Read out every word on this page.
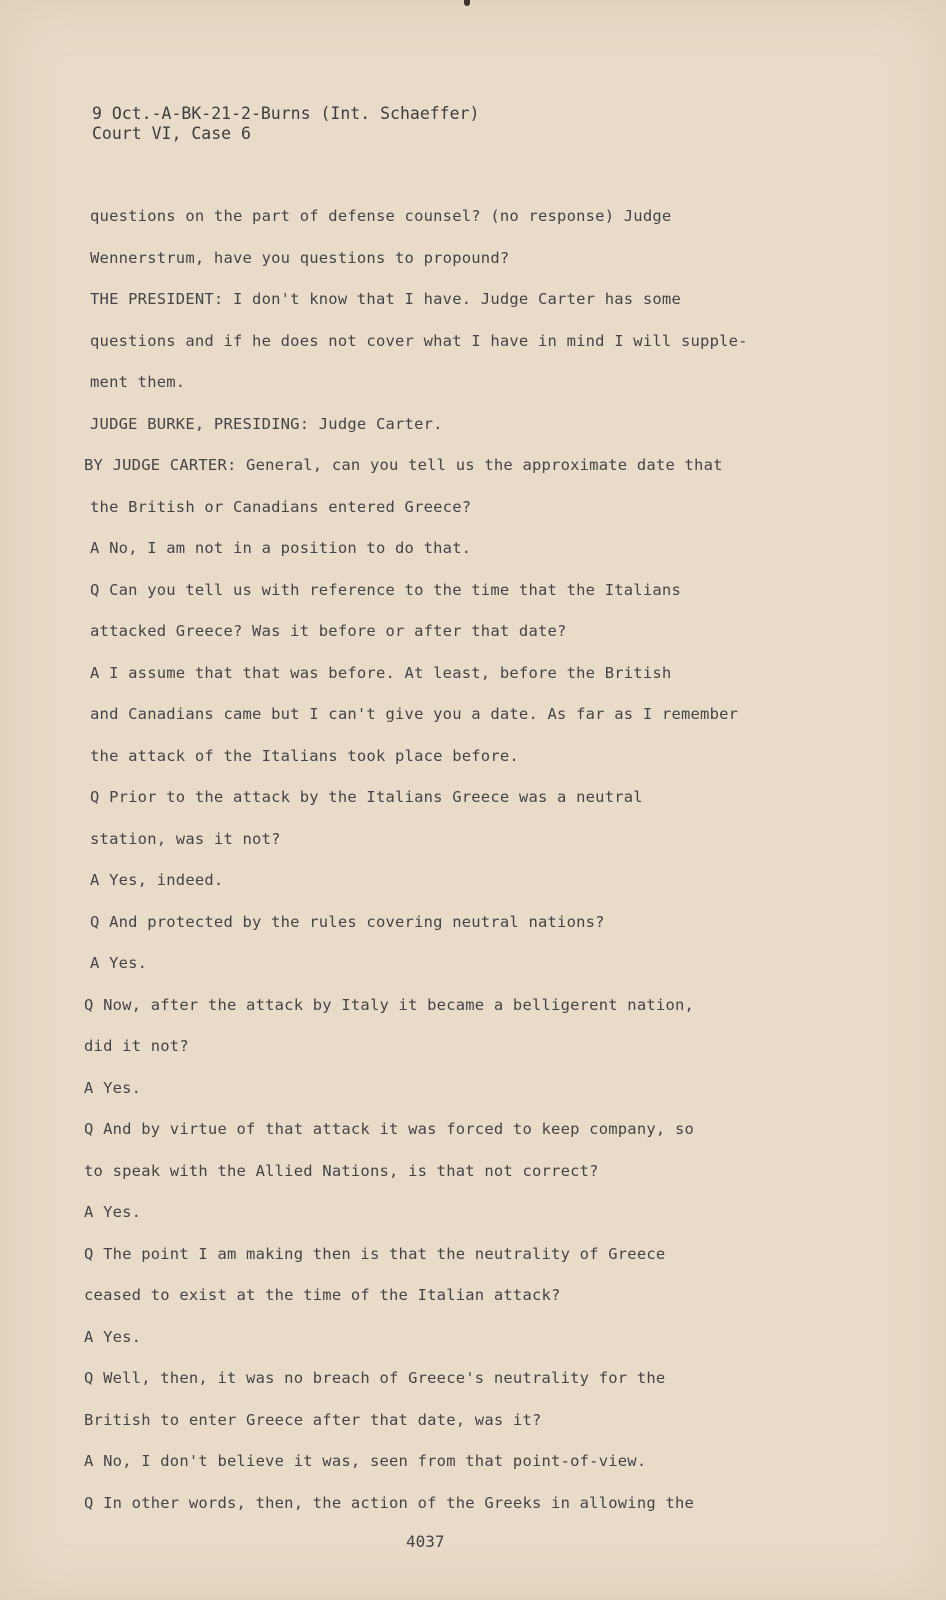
9 Oct.-A-BK-21-2-Burns (Int. Schaeffer)
Court VI, Case 6
questions on the part of defense counsel? (no response) Judge
Wennerstrum, have you questions to propound?
THE PRESIDENT: I don't know that I have. Judge Carter has some
questions and if he does not cover what I have in mind I will supple-
ment them.
JUDGE BURKE, PRESIDING: Judge Carter.
BY JUDGE CARTER: General, can you tell us the approximate date that
the British or Canadians entered Greece?
A No, I am not in a position to do that.
Q Can you tell us with reference to the time that the Italians
attacked Greece? Was it before or after that date?
A I assume that that was before. At least, before the British
and Canadians came but I can't give you a date. As far as I remember
the attack of the Italians took place before.
Q Prior to the attack by the Italians Greece was a neutral
station, was it not?
A Yes, indeed.
Q And protected by the rules covering neutral nations?
A Yes.
Q Now, after the attack by Italy it became a belligerent nation,
did it not?
A Yes.
Q And by virtue of that attack it was forced to keep company, so
to speak with the Allied Nations, is that not correct?
A Yes.
Q The point I am making then is that the neutrality of Greece
ceased to exist at the time of the Italian attack?
A Yes.
Q Well, then, it was no breach of Greece's neutrality for the
British to enter Greece after that date, was it?
A No, I don't believe it was, seen from that point-of-view.
Q In other words, then, the action of the Greeks in allowing the
4037
